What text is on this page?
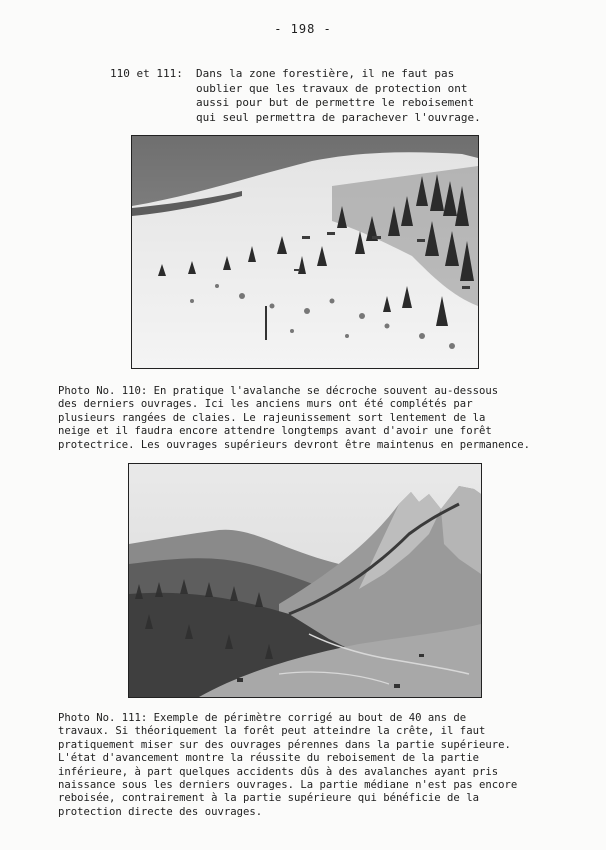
- 198 -
110 et 111: Dans la zone forestière, il ne faut pas
oublier que les travaux de protection ont
aussi pour but de permettre le reboisement
qui seul permettra de parachever l'ouvrage.
Photo No. 110: En pratique l'avalanche se décroche souvent au-dessous
des derniers ouvrages. Ici les anciens murs ont été complétés par
plusieurs rangées de claies. Le rajeunissement sort lentement de la
neige et il faudra encore attendre longtemps avant d'avoir une forêt
protectrice. Les ouvrages supérieurs devront être maintenus en permanence.
Photo No. 111: Exemple de périmètre corrigé au bout de 40 ans de
travaux. Si théoriquement la forêt peut atteindre la crête, il faut
pratiquement miser sur des ouvrages pérennes dans la partie supérieure.
L'état d'avancement montre la réussite du reboisement de la partie
inférieure, à part quelques accidents dûs à des avalanches ayant pris
naissance sous les derniers ouvrages. La partie médiane n'est pas encore
reboisée, contrairement à la partie supérieure qui bénéficie de la
protection directe des ouvrages.
